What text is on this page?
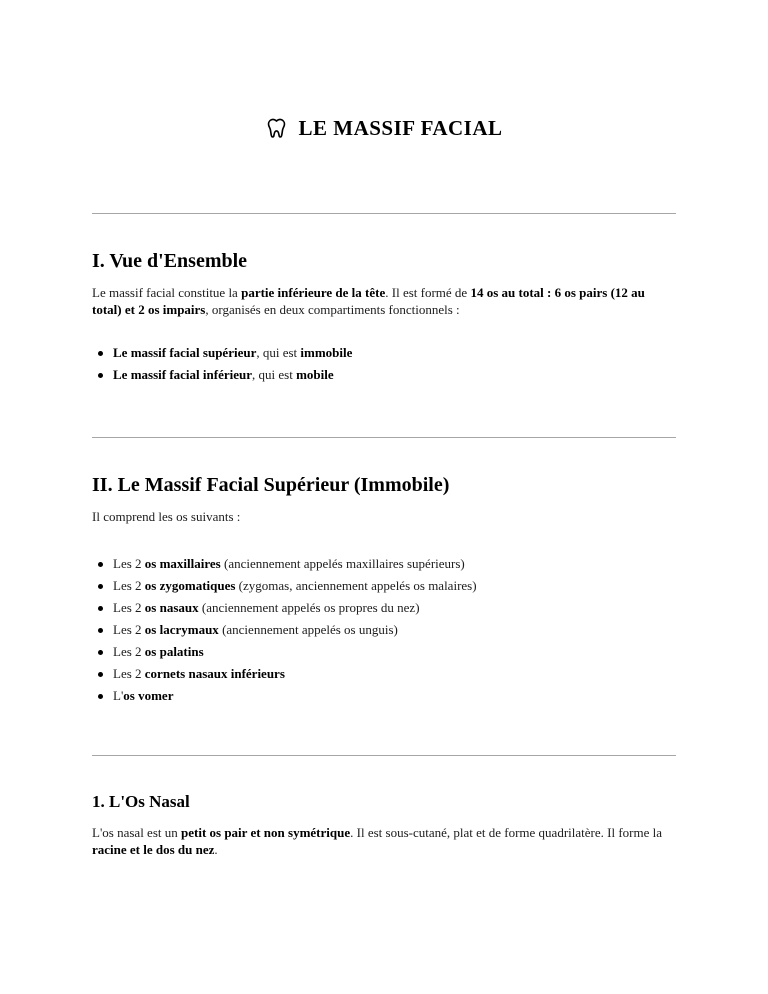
LE MASSIF FACIAL
I. Vue d'Ensemble

Le massif facial constitue la partie inférieure de la tête. Il est formé de 14 os au total : 6 os pairs (12 au total) et 2 os impairs, organisés en deux compartiments fonctionnels :

Le massif facial supérieur, qui est immobile
Le massif facial inférieur, qui est mobile
II. Le Massif Facial Supérieur (Immobile)

Il comprend les os suivants :

Les 2 os maxillaires (anciennement appelés maxillaires supérieurs)
Les 2 os zygomatiques (zygomas, anciennement appelés os malaires)
Les 2 os nasaux (anciennement appelés os propres du nez)
Les 2 os lacrymaux (anciennement appelés os unguis)
Les 2 os palatins
Les 2 cornets nasaux inférieurs
L'os vomer
1. L'Os Nasal

L'os nasal est un petit os pair et non symétrique. Il est sous-cutané, plat et de forme quadrilatère. Il forme la racine et le dos du nez.
